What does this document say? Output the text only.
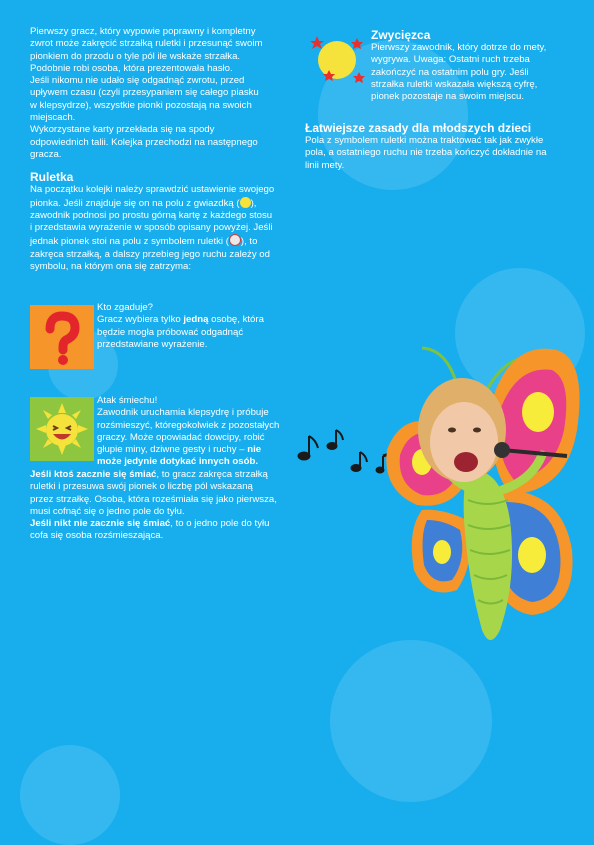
Pierwszy gracz, który wypowie poprawny i kompletny

zwrot może zakręcić strzałką ruletki i przesunąć swoim

pionkiem do przodu o tyle pól ile wskaże strzałka.

Podobnie robi osoba, która prezentowała hasło.

Jeśli nikomu nie udało się odgadnąć zwrotu, przed

upływem czasu (czyli przesypaniem się całego piasku

w klepsydrze), wszystkie pionki pozostają na swoich

miejscach.

Wykorzystane karty przekłada się na spody

odpowiednich talii. Kolejka przechodzi na następnego

gracza.

Ruletka

Na początku kolejki należy sprawdzić ustawienie swojego

pionka. Jeśli znajduje się on na polu z gwiazdką ( ),

zawodnik podnosi po prostu górną kartę z każdego stosu

i przedstawia wyrażenie w sposób opisany powyżej. Jeśli

jednak pionek stoi na polu z symbolem ruletki ( ), to

zakręca strzałką, a dalszy przebieg jego ruchu zależy od

symbolu, na którym ona się zatrzyma:

Kto zgaduje?

Gracz wybiera tylko jedną osobę, która

będzie mogła próbować odgadnąć

przedstawiane wyrażenie.

Atak śmiechu!

Zawodnik uruchamia klepsydrę i próbuje

rozśmieszyć, któregokolwiek z pozostałych

graczy. Może opowiadać dowcipy, robić

głupie miny, dziwne gesty i ruchy – nie

może jedynie dotykać innych osób.

Jeśli ktoś zacznie się śmiać, to gracz zakręca strzałką

ruletki i przesuwa swój pionek o liczbę pól wskazaną

przez strzałkę. Osoba, która roześmiała się jako pierwsza,

musi cofnąć się o jedno pole do tyłu.

Jeśli nikt nie zacznie się śmiać, to o jedno pole do tyłu

cofa się osoba rozśmieszająca.

Zwycięzca

Pierwszy zawodnik, który dotrze do mety,

wygrywa. Uwaga: Ostatni ruch trzeba

zakończyć na ostatnim polu gry. Jeśli

strzałka ruletki wskazała większą cyfrę,

pionek pozostaje na swoim miejscu.

Łatwiejsze zasady dla młodszych dzieci

Pola z symbolem ruletki można traktować tak jak zwykłe

pola, a ostatniego ruchu nie trzeba kończyć dokładnie na

linii mety.
